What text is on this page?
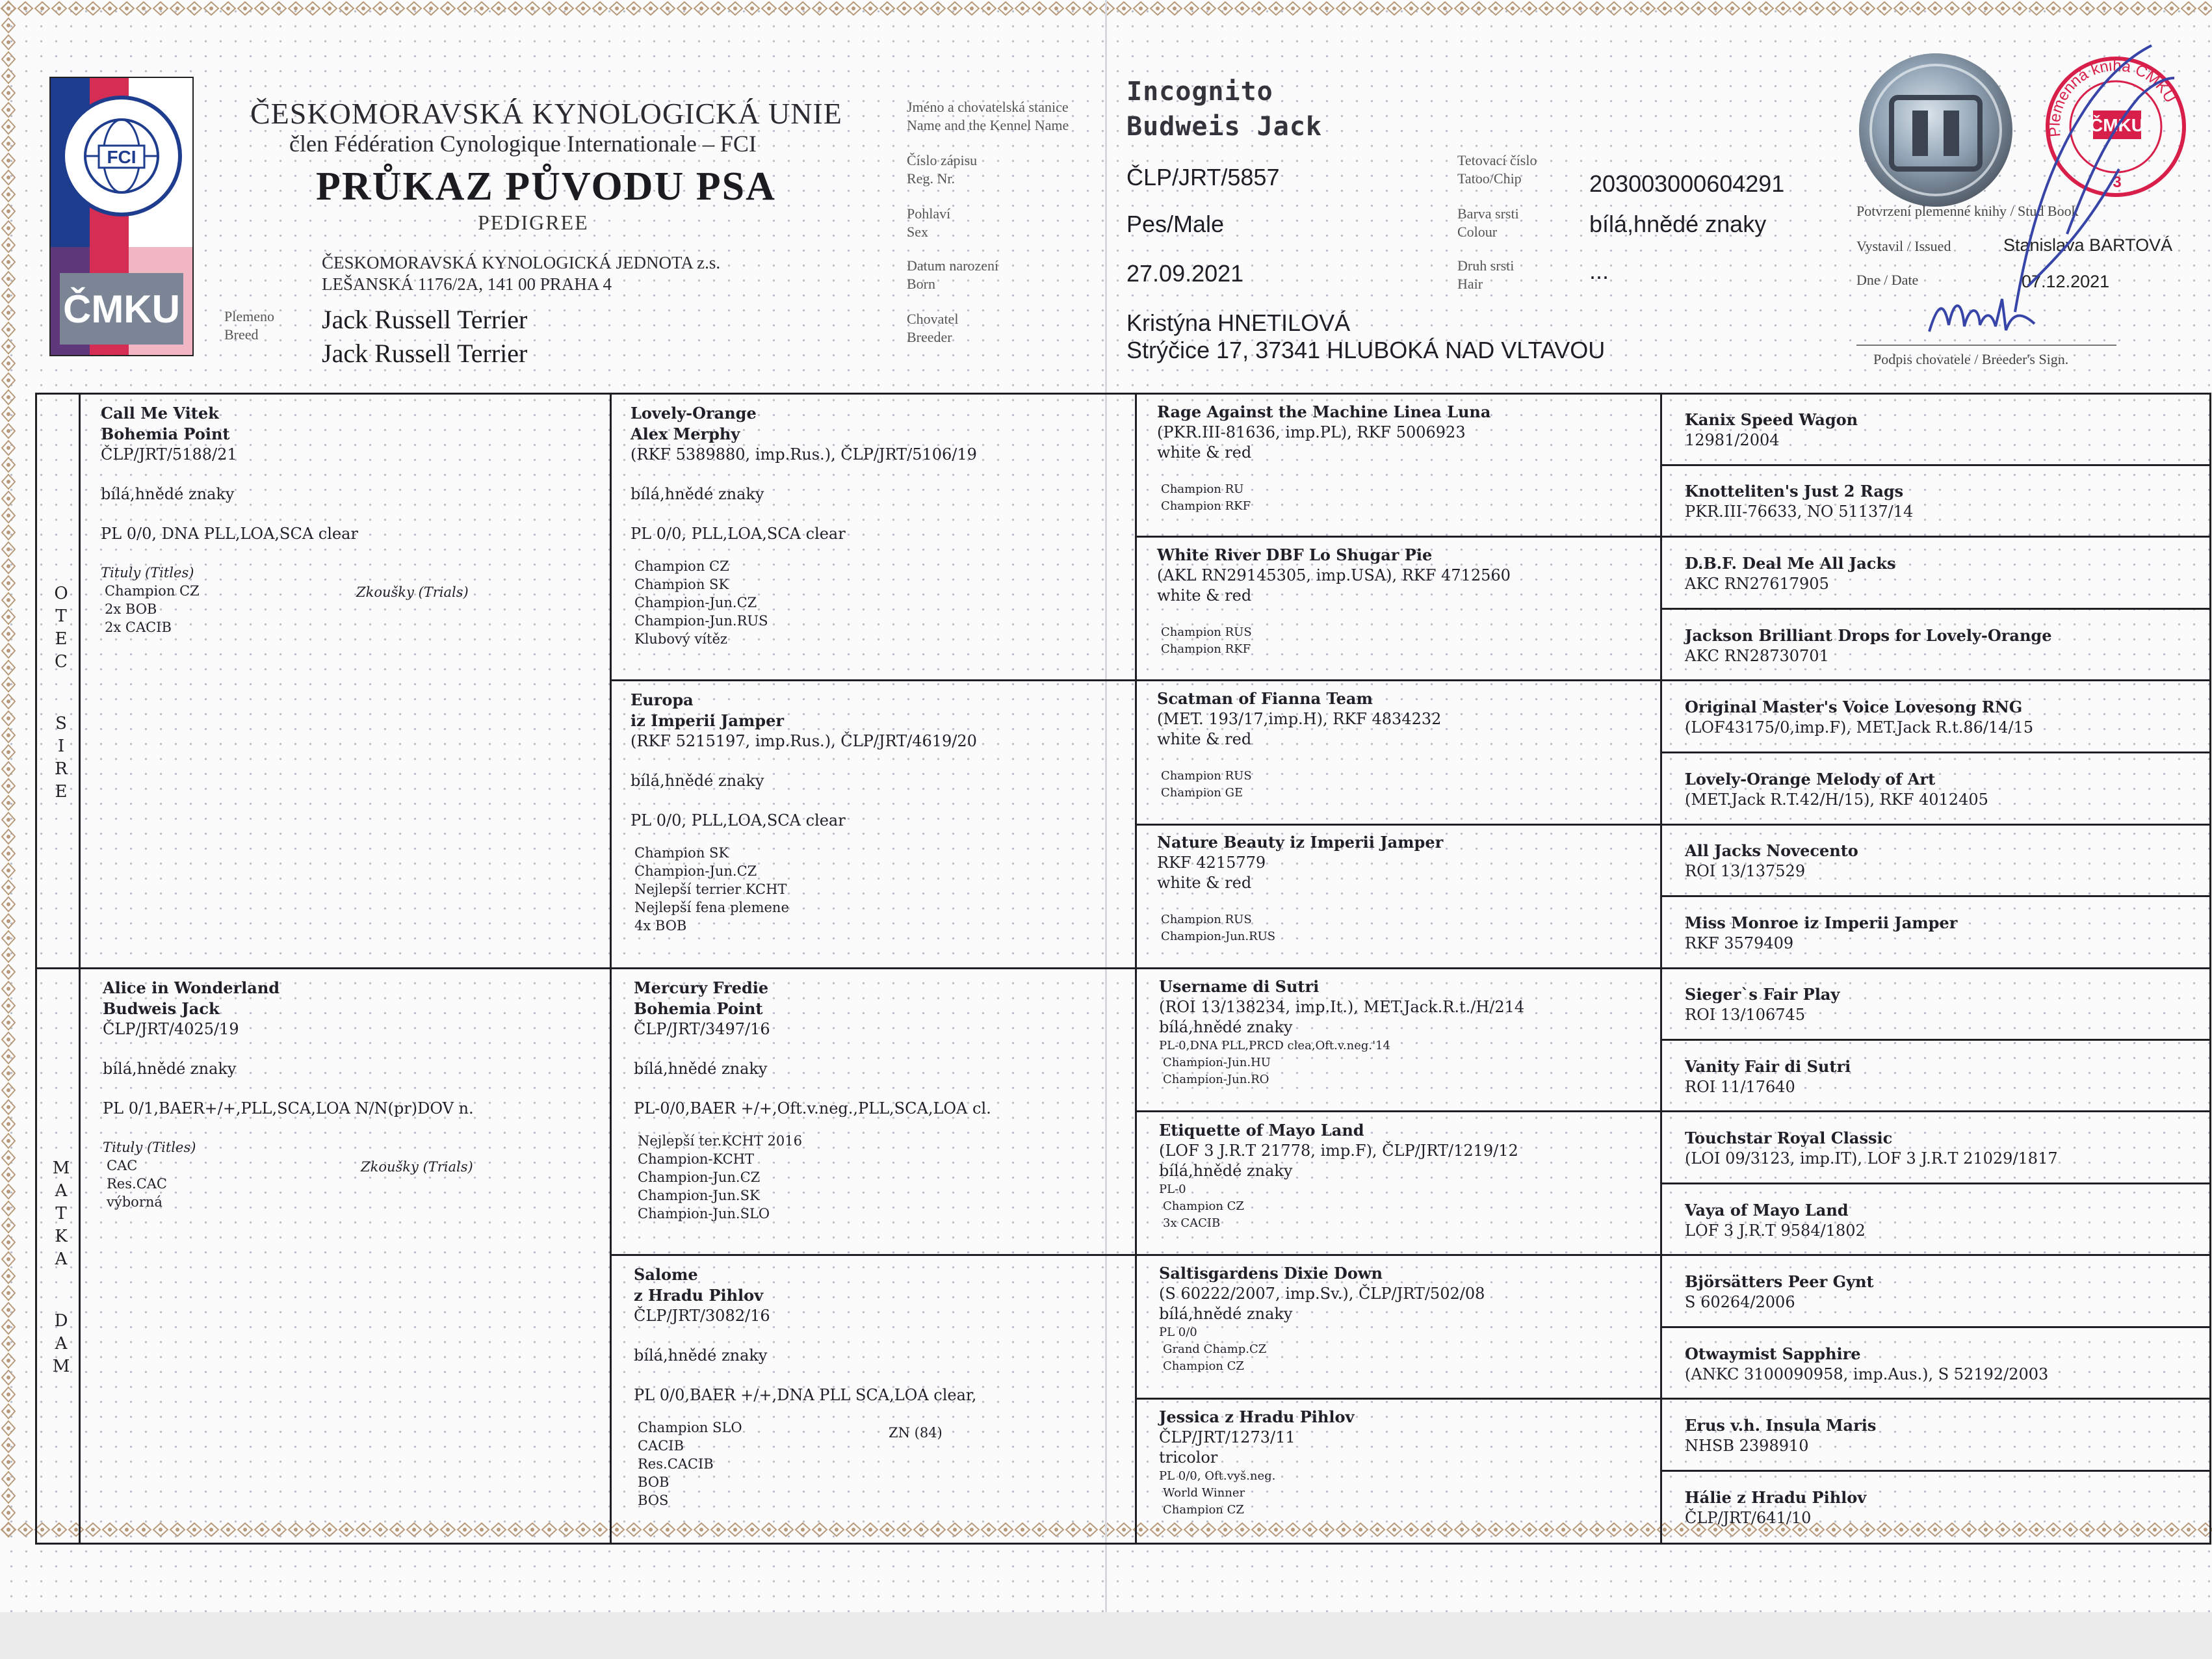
FCI
ČMKU
ČESKOMORAVSKÁ KYNOLOGICKÁ UNIE
člen Fédération Cynologique Internationale – FCI
PRŮKAZ PŮVODU PSA
PEDIGREE
ČESKOMORAVSKÁ KYNOLOGICKÁ JEDNOTA z.s.
LEŠANSKÁ 1176/2A, 141 00 PRAHA 4
Plemeno
Breed
Jack Russell Terrier
Jack Russell Terrier
Jméno a chovatelská stanice
Name and the Kennel Name
Číslo zápisu
Reg. Nr.
Pohlaví
Sex
Datum narození
Born
Chovatel
Breeder
Incognito
Budweis Jack
ČLP/JRT/5857
Pes/Male
27.09.2021
Kristýna HNETILOVÁ
Strýčice 17, 37341 HLUBOKÁ NAD VLTAVOU
Tetovací číslo
Tatoo/Chip
Barva srsti
Colour
Druh srsti
Hair
203003000604291
bílá,hnědé znaky
...
Plemenná kniha ČMKU
ČMKU
3
Potvrzení plemenné knihy / Stud Book
Vystavil / Issued	Stanislava BARTOVÁ
Dne / Date	07.12.2021
Podpis chovatele / Breeder's Sign.
O
T
E
C
S
I
R
E
M
A
T
K
A
D
A
M
Call Me Vitek
Bohemia Point
ČLP/JRT/5188/21
bílá,hnědé znaky
PL 0/0, DNA PLL,LOA,SCA clear
Tituly (Titles)
Champion CZ
2x BOB
2x CACIB
Zkoušky (Trials)
Alice in Wonderland
Budweis Jack
ČLP/JRT/4025/19
bílá,hnědé znaky
PL 0/1,BAER+/+,PLL,SCA,LOA N/N(pr)DOV n.
Tituly (Titles)
CAC
Res.CAC
výborná
Zkoušky (Trials)
Lovely-Orange
Alex Merphy
(RKF 5389880, imp.Rus.), ČLP/JRT/5106/19
bílá,hnědé znaky
PL 0/0, PLL,LOA,SCA clear
Champion CZ
Champion SK
Champion-Jun.CZ
Champion-Jun.RUS
Klubový vítěz
Europa
iz Imperii Jamper
(RKF 5215197, imp.Rus.), ČLP/JRT/4619/20
bílá,hnědé znaky
PL 0/0, PLL,LOA,SCA clear
Champion SK
Champion-Jun.CZ
Nejlepší terrier KCHT
Nejlepší fena plemene
4x BOB
Mercury Fredie
Bohemia Point
ČLP/JRT/3497/16
bílá,hnědé znaky
PL-0/0,BAER +/+,Oft.v.neg.,PLL,SCA,LOA cl.
Nejlepší ter.KCHT 2016
Champion-KCHT
Champion-Jun.CZ
Champion-Jun.SK
Champion-Jun.SLO
Salome
z Hradu Pihlov
ČLP/JRT/3082/16
bílá,hnědé znaky
PL 0/0,BAER +/+,DNA PLL SCA,LOA clear,
Champion SLO
CACIB
Res.CACIB
BOB
BOS
ZN (84)
Rage Against the Machine Linea Luna
(PKR.III-81636, imp.PL), RKF 5006923
white & red
Champion RU
Champion RKF
White River DBF Lo Shugar Pie
(AKL RN29145305, imp.USA), RKF 4712560
white & red
Champion RUS
Champion RKF
Scatman of Fianna Team
(MET. 193/17,imp.H), RKF 4834232
white & red
Champion RUS
Champion GE
Nature Beauty iz Imperii Jamper
RKF 4215779
white & red
Champion RUS
Champion-Jun.RUS
Username di Sutri
(ROI 13/138234, imp.It.), MET.Jack.R.t./H/214
bílá,hnědé znaky
PL-0,DNA PLL,PRCD clea,Oft.v.neg.'14
Champion-Jun.HU
Champion-Jun.RO
Etiquette of Mayo Land
(LOF 3 J.R.T 21778, imp.F), ČLP/JRT/1219/12
bílá,hnědé znaky
PL-0
Champion CZ
3x CACIB
Saltisgardens Dixie Down
(S 60222/2007, imp.Sv.), ČLP/JRT/502/08
bílá,hnědé znaky
PL 0/0
Grand Champ.CZ
Champion CZ
Jessica z Hradu Pihlov
ČLP/JRT/1273/11
tricolor
PL 0/0, Oft.vyš.neg.
World Winner
Champion CZ
Kanix Speed Wagon
12981/2004
Knotteliten's Just 2 Rags
PKR.III-76633, NO 51137/14
D.B.F. Deal Me All Jacks
AKC RN27617905
Jackson Brilliant Drops for Lovely-Orange
AKC RN28730701
Original Master's Voice Lovesong RNG
(LOF43175/0,imp.F), MET.Jack R.t.86/14/15
Lovely-Orange Melody of Art
(MET.Jack R.T.42/H/15), RKF 4012405
All Jacks Novecento
ROI 13/137529
Miss Monroe iz Imperii Jamper
RKF 3579409
Sieger`s Fair Play
ROI 13/106745
Vanity Fair di Sutri
ROI 11/17640
Touchstar Royal Classic
(LOI 09/3123, imp.IT), LOF 3 J.R.T 21029/1817
Vaya of Mayo Land
LOF 3 J.R.T 9584/1802
Björsätters Peer Gynt
S 60264/2006
Otwaymist Sapphire
(ANKC 3100090958, imp.Aus.), S 52192/2003
Erus v.h. Insula Maris
NHSB 2398910
Hálie z Hradu Pihlov
ČLP/JRT/641/10
